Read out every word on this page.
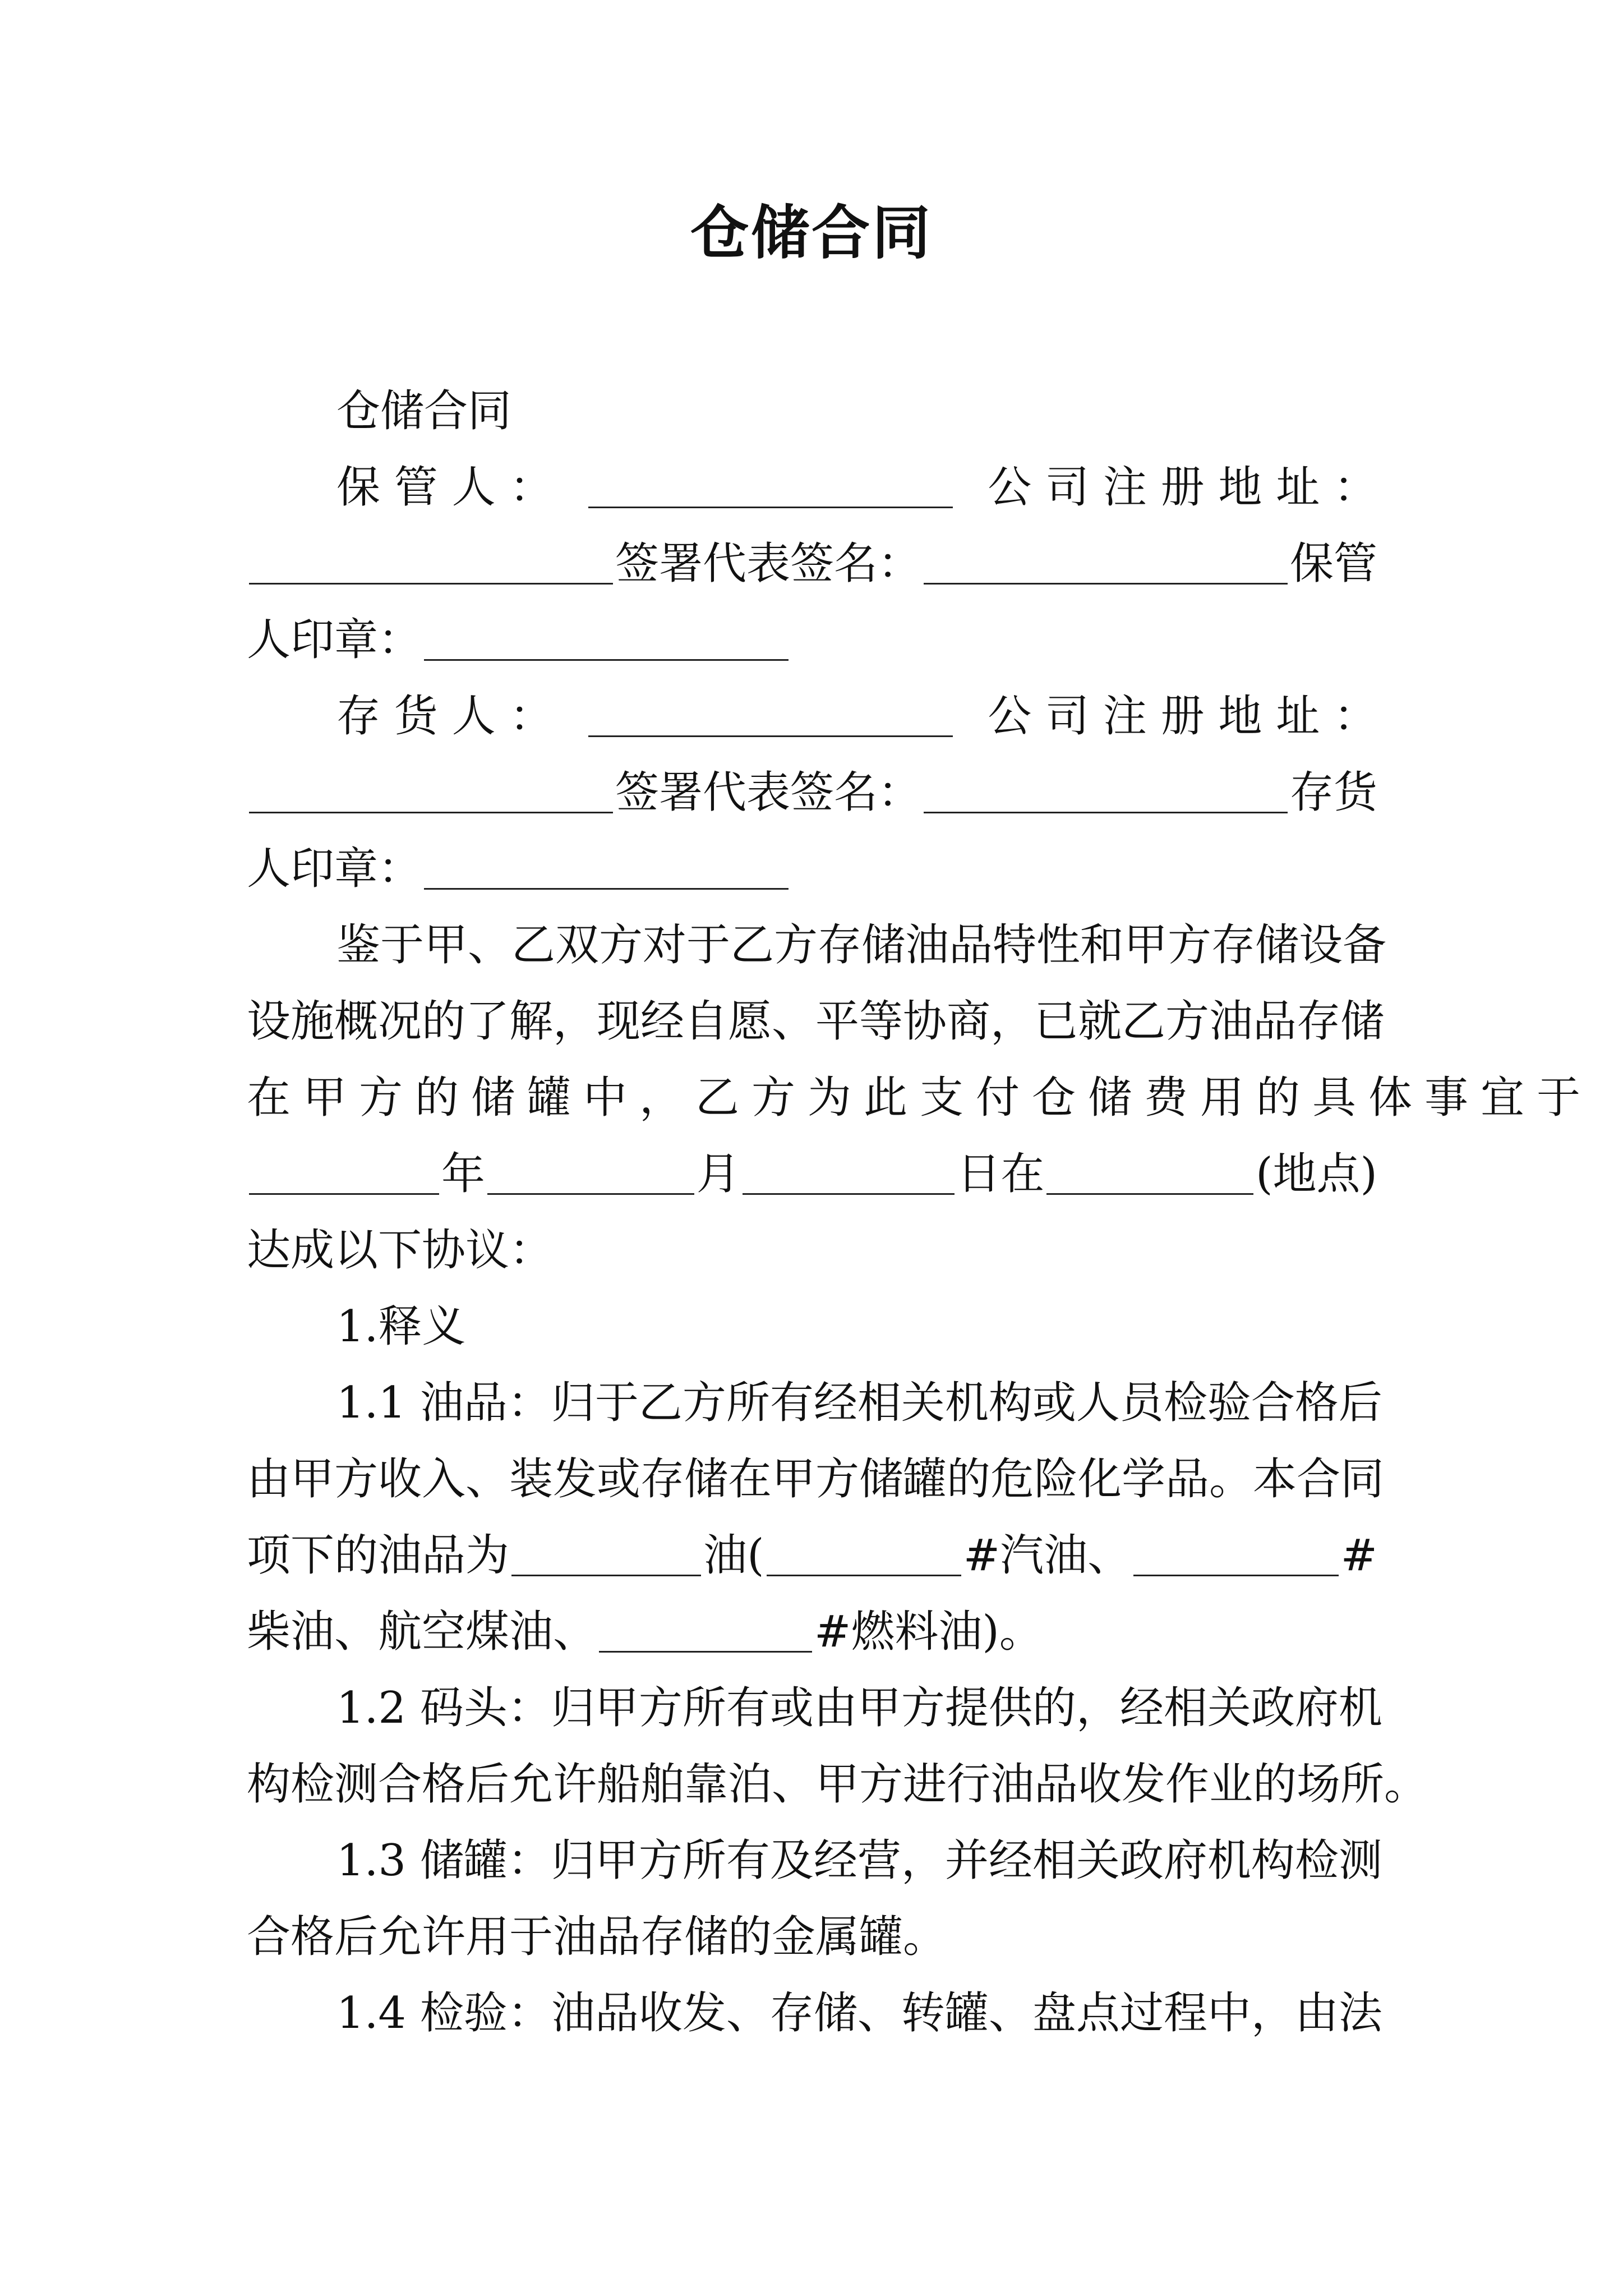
仓储合同
仓储合同
保 管 人 ：	公 司 注 册 地 址 ：
签署代表签名：	保管
人印章：
存 货 人 ：	公 司 注 册 地 址 ：
签署代表签名：	存货
人印章：
鉴于甲、乙双方对于乙方存储油品特性和甲方存储设备
设施概况的了解，现经自愿、平等协商，已就乙方油品存储
在甲方的储罐中，乙方为此支付仓储费用的具体事宜于
年	月	日在	(地点)
达成以下协议：
1.释义
1.1 油品：归于乙方所有经相关机构或人员检验合格后
由甲方收入、装发或存储在甲方储罐的危险化学品。本合同
项下的油品为	油(	#汽油、	#
柴油、航空煤油、	#燃料油)。
1.2 码头：归甲方所有或由甲方提供的，经相关政府机
构检测合格后允许船舶靠泊、甲方进行油品收发作业的场所。
1.3 储罐：归甲方所有及经营，并经相关政府机构检测
合格后允许用于油品存储的金属罐。
1.4 检验：油品收发、存储、转罐、盘点过程中，由法
